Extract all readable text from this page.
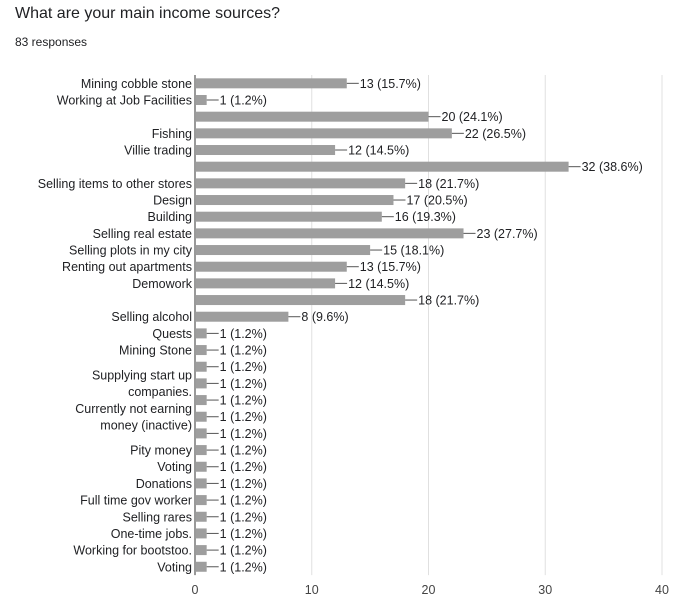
What are your main income sources?
83 responses
0	10	20	30	40
13 (15.7%)
1 (1.2%)
20 (24.1%)
22 (26.5%)
12 (14.5%)
32 (38.6%)
18 (21.7%)
17 (20.5%)
16 (19.3%)
23 (27.7%)
15 (18.1%)
13 (15.7%)
12 (14.5%)
18 (21.7%)
8 (9.6%)
1 (1.2%)
1 (1.2%)
1 (1.2%)
1 (1.2%)
1 (1.2%)
1 (1.2%)
1 (1.2%)
1 (1.2%)
1 (1.2%)
1 (1.2%)
1 (1.2%)
1 (1.2%)
1 (1.2%)
1 (1.2%)
1 (1.2%)
Mining cobble stone
Working at Job Facilities
Fishing
Villie trading
Selling items to other stores
Design
Building
Selling real estate
Selling plots in my city
Renting out apartments
Demowork
Selling alcohol
Quests
Mining Stone
Supplying start up
companies.
Currently not earning
money (inactive)
Pity money
Voting
Donations
Full time gov worker
Selling rares
One-time jobs.
Working for bootstoo.
Voting
